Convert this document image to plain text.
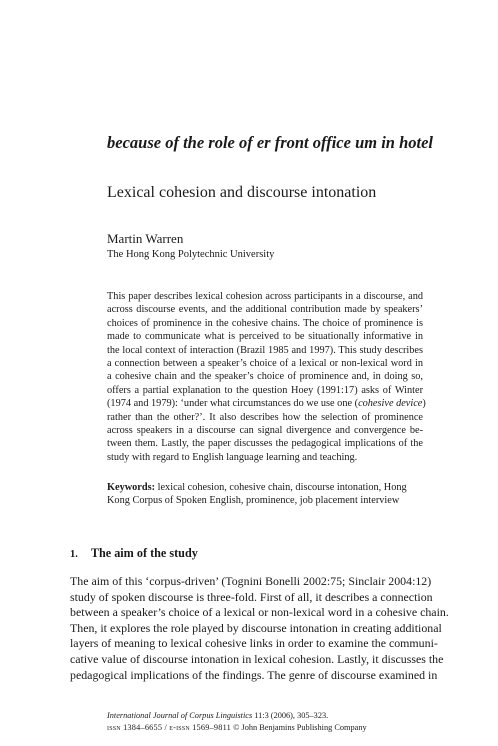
because of the role of er front office um in hotel
Lexical cohesion and discourse intonation
Martin Warren
The Hong Kong Polytechnic University
This paper describes lexical cohesion across participants in a discourse, and
across discourse events, and the additional contribution made by speakers’
choices of prominence in the cohesive chains. The choice of prominence is
made to communicate what is perceived to be situationally informative in
the local context of interaction (Brazil 1985 and 1997). This study describes
a connection between a speaker’s choice of a lexical or non-lexical word in
a cohesive chain and the speaker’s choice of prominence and, in doing so,
offers a partial explanation to the question Hoey (1991:17) asks of Winter
(1974 and 1979): ‘under what circumstances do we use one (cohesive device)
rather than the other?’. It also describes how the selection of prominence
across speakers in a discourse can signal divergence and convergence be-
tween them. Lastly, the paper discusses the pedagogical implications of the
study with regard to English language learning and teaching.
Keywords: lexical cohesion, cohesive chain, discourse intonation, Hong
Kong Corpus of Spoken English, prominence, job placement interview
1. The aim of the study
The aim of this ‘corpus-driven’ (Tognini Bonelli 2002:75; Sinclair 2004:12)
study of spoken discourse is three-fold. First of all, it describes a connection
between a speaker’s choice of a lexical or non-lexical word in a cohesive chain.
Then, it explores the role played by discourse intonation in creating additional
layers of meaning to lexical cohesive links in order to examine the communi-
cative value of discourse intonation in lexical cohesion. Lastly, it discusses the
pedagogical implications of the findings. The genre of discourse examined in
International Journal of Corpus Linguistics 11:3 (2006), 305–323.
issn 1384–6655 / e-issn 1569–9811 © John Benjamins Publishing Company
